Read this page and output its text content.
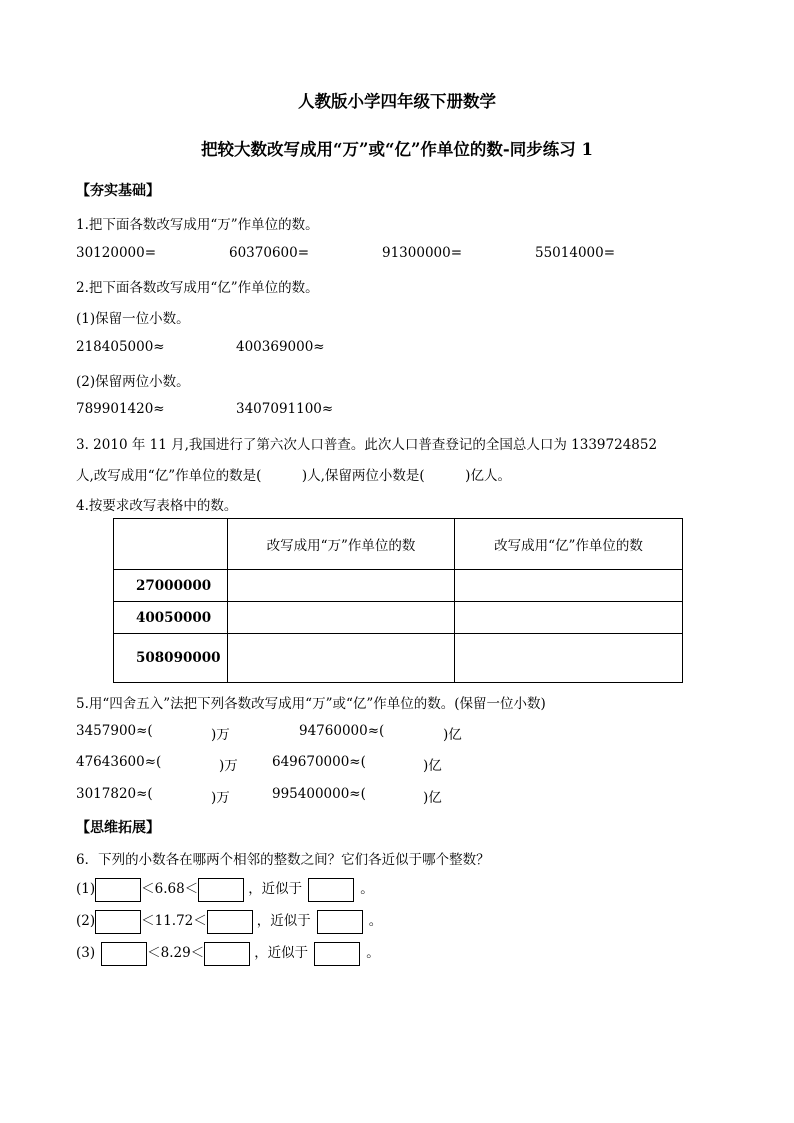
人教版小学四年级下册数学
把较大数改写成用“万”或“亿”作单位的数-同步练习 1
【夯实基础】
1.把下面各数改写成用“万”作单位的数。
30120000=	60370600=	91300000=	55014000=
2.把下面各数改写成用“亿”作单位的数。
(1)保留一位小数。
218405000≈	400369000≈
(2)保留两位小数。
789901420≈	3407091100≈
3. 2010 年 11 月,我国进行了第六次人口普查。此次人口普查登记的全国总人口为 1339724852
人,改写成用“亿”作单位的数是(　　　)人,保留两位小数是(　　　)亿人。
4.按要求改写表格中的数。
	改写成用“万”作单位的数	改写成用“亿”作单位的数
27000000		
40050000		
508090000		
5.用“四舍五入”法把下列各数改写成用“万”或“亿”作单位的数。(保留一位小数)
3457900≈(	)万	94760000≈(	)亿
47643600≈(	)万	649670000≈(	)亿
3017820≈(	)万	995400000≈(	)亿
【思维拓展】
6．下列的小数各在哪两个相邻的整数之间？它们各近似于哪个整数？
(1)	＜6.68＜	，近似于	。
(2)	＜11.72＜	，近似于	。
(3)	＜8.29＜	，近似于	。
